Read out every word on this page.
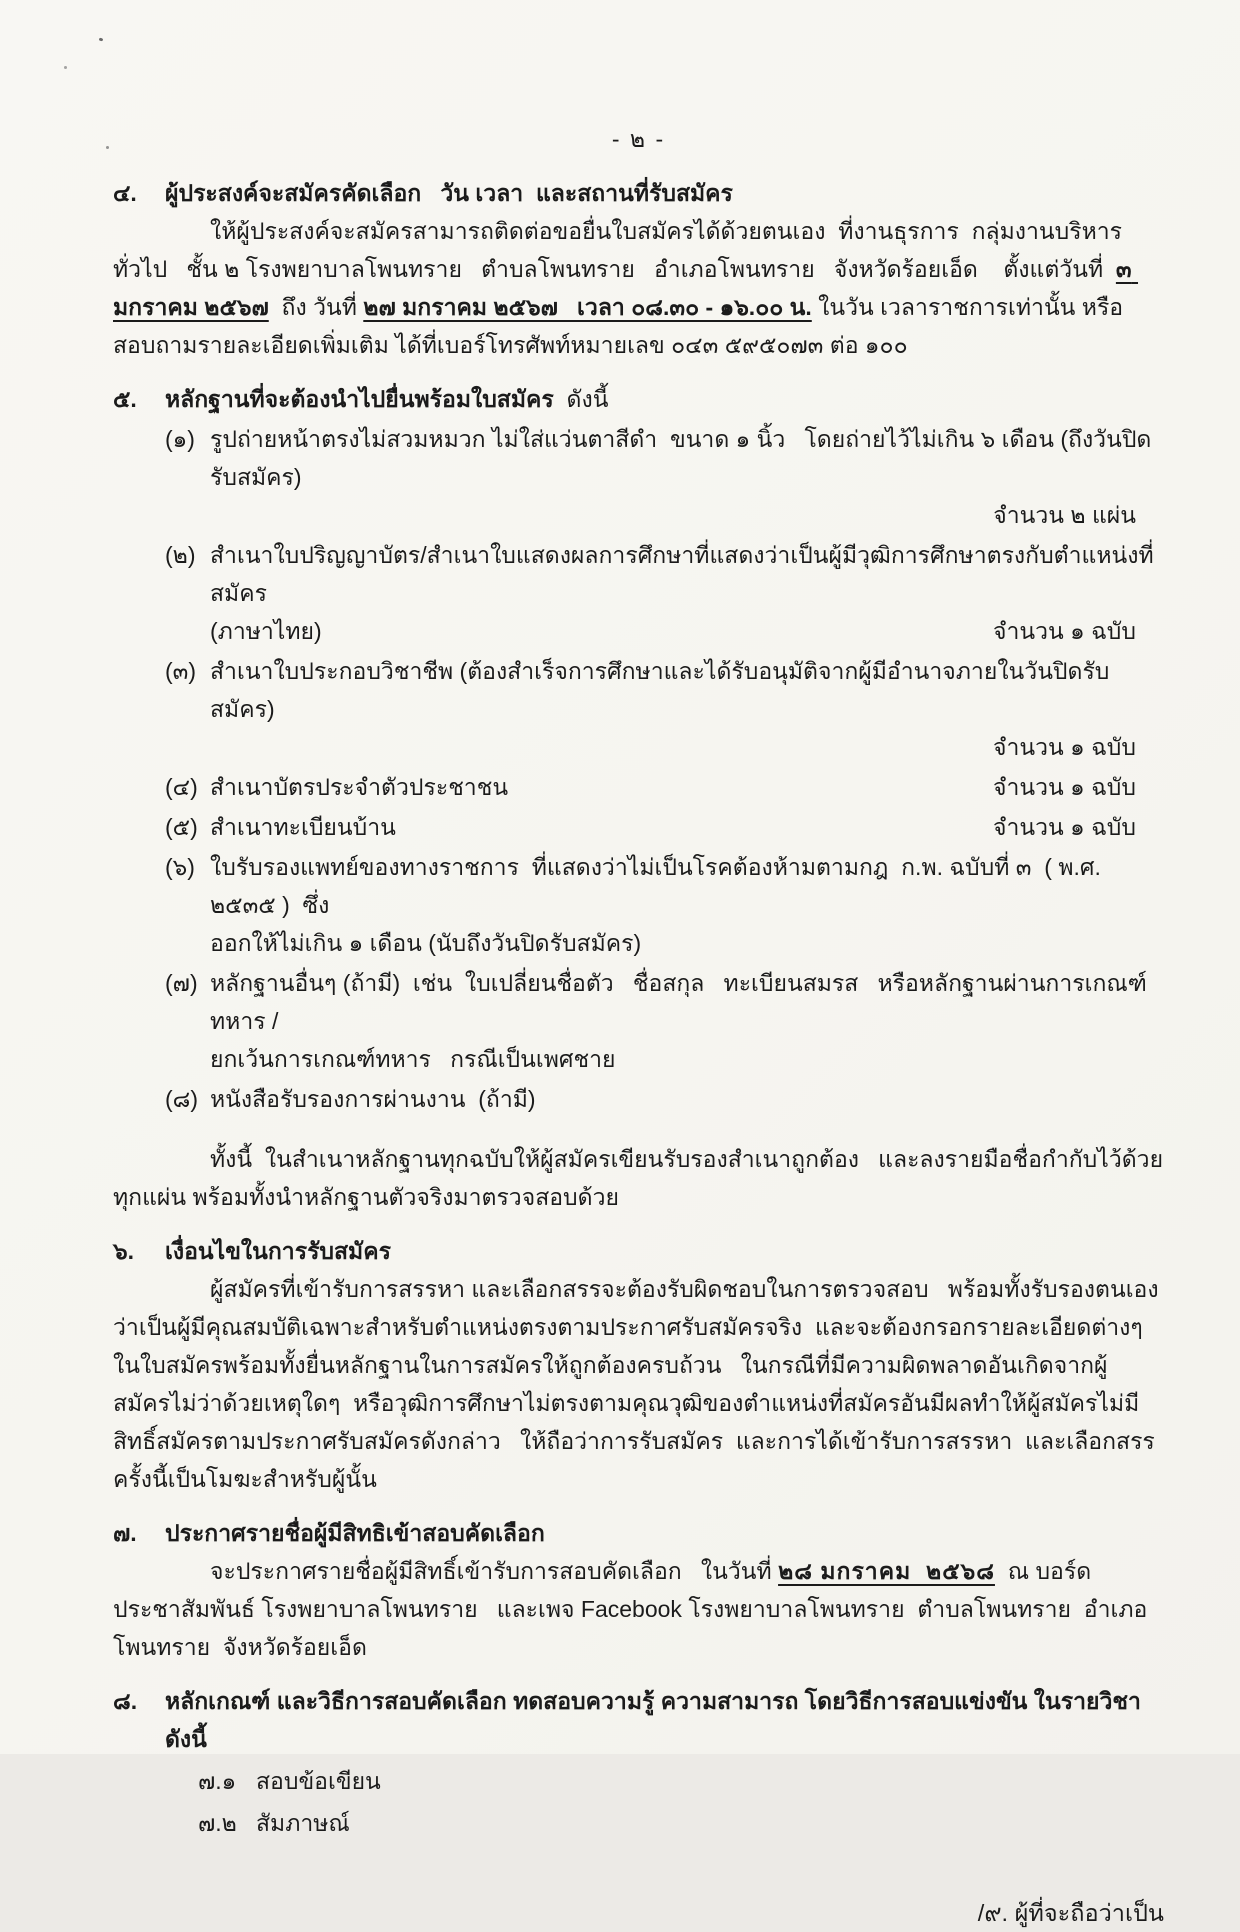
- ๒ -
๔.	ผู้ประสงค์จะสมัครคัดเลือก   วัน เวลา  และสถานที่รับสมัคร

ให้ผู้ประสงค์จะสมัครสามารถติดต่อขอยื่นใบสมัครได้ด้วยตนเอง  ที่งานธุรการ  กลุ่มงานบริหารทั่วไป   ชั้น ๒ โรงพยาบาลโพนทราย   ตำบลโพนทราย   อำเภอโพนทราย   จังหวัดร้อยเอ็ด    ตั้งแต่วันที่  ๓ มกราคม ๒๕๖๗  ถึง วันที่ ๒๗ มกราคม ๒๕๖๗   เวลา ๐๘.๓๐ - ๑๖.๐๐ น. ในวัน เวลาราชการเท่านั้น หรือสอบถามรายละเอียดเพิ่มเติม ได้ที่เบอร์โทรศัพท์หมายเลข ๐๔๓ ๕๙๕๐๗๓ ต่อ ๑๐๐

๕.	หลักฐานที่จะต้องนำไปยื่นพร้อมใบสมัคร  ดังนี้
(๑) รูปถ่ายหน้าตรงไม่สวมหมวก ไม่ใส่แว่นตาสีดำ  ขนาด ๑ นิ้ว   โดยถ่ายไว้ไม่เกิน ๖ เดือน (ถึงวันปิดรับสมัคร)
จำนวน ๒ แผ่น
(๒) สำเนาใบปริญญาบัตร/สำเนาใบแสดงผลการศึกษาที่แสดงว่าเป็นผู้มีวุฒิการศึกษาตรงกับตำแหน่งที่สมัคร
(ภาษาไทย)	จำนวน ๑ ฉบับ
(๓) สำเนาใบประกอบวิชาชีพ (ต้องสำเร็จการศึกษาและได้รับอนุมัติจากผู้มีอำนาจภายในวันปิดรับสมัคร)
จำนวน ๑ ฉบับ
(๔) สำเนาบัตรประจำตัวประชาชน	จำนวน ๑ ฉบับ
(๕) สำเนาทะเบียนบ้าน	จำนวน ๑ ฉบับ
(๖) ใบรับรองแพทย์ของทางราชการ  ที่แสดงว่าไม่เป็นโรคต้องห้ามตามกฎ  ก.พ. ฉบับที่ ๓  ( พ.ศ. ๒๕๓๕ )  ซึ่ง
ออกให้ไม่เกิน ๑ เดือน (นับถึงวันปิดรับสมัคร)
(๗) หลักฐานอื่นๆ (ถ้ามี)  เช่น  ใบเปลี่ยนชื่อตัว   ชื่อสกุล   ทะเบียนสมรส   หรือหลักฐานผ่านการเกณฑ์ทหาร /
ยกเว้นการเกณฑ์ทหาร   กรณีเป็นเพศชาย
(๘) หนังสือรับรองการผ่านงาน  (ถ้ามี)

ทั้งนี้  ในสำเนาหลักฐานทุกฉบับให้ผู้สมัครเขียนรับรองสำเนาถูกต้อง   และลงรายมือชื่อกำกับไว้ด้วยทุกแผ่น พร้อมทั้งนำหลักฐานตัวจริงมาตรวจสอบด้วย

๖.	เงื่อนไขในการรับสมัคร

ผู้สมัครที่เข้ารับการสรรหา และเลือกสรรจะต้องรับผิดชอบในการตรวจสอบ   พร้อมทั้งรับรองตนเองว่าเป็นผู้มีคุณสมบัติเฉพาะสำหรับตำแหน่งตรงตามประกาศรับสมัครจริง  และจะต้องกรอกรายละเอียดต่างๆในใบสมัครพร้อมทั้งยื่นหลักฐานในการสมัครให้ถูกต้องครบถ้วน   ในกรณีที่มีความผิดพลาดอันเกิดจากผู้สมัครไม่ว่าด้วยเหตุใดๆ  หรือวุฒิการศึกษาไม่ตรงตามคุณวุฒิของตำแหน่งที่สมัครอันมีผลทำให้ผู้สมัครไม่มีสิทธิ์สมัครตามประกาศรับสมัครดังกล่าว   ให้ถือว่าการรับสมัคร  และการได้เข้ารับการสรรหา  และเลือกสรรครั้งนี้เป็นโมฆะสำหรับผู้นั้น

๗.	ประกาศรายชื่อผู้มีสิทธิเข้าสอบคัดเลือก

จะประกาศรายชื่อผู้มีสิทธิ์เข้ารับการสอบคัดเลือก   ในวันที่ ๒๘ มกราคม  ๒๕๖๘  ณ บอร์ดประชาสัมพันธ์ โรงพยาบาลโพนทราย   และเพจ Facebook โรงพยาบาลโพนทราย  ตำบลโพนทราย  อำเภอโพนทราย  จังหวัดร้อยเอ็ด

๘.	หลักเกณฑ์ และวิธีการสอบคัดเลือก ทดสอบความรู้ ความสามารถ โดยวิธีการสอบแข่งขัน ในรายวิชาดังนี้
๗.๑ สอบข้อเขียน
๗.๒ สัมภาษณ์
/๙. ผู้ที่จะถือว่าเป็น
